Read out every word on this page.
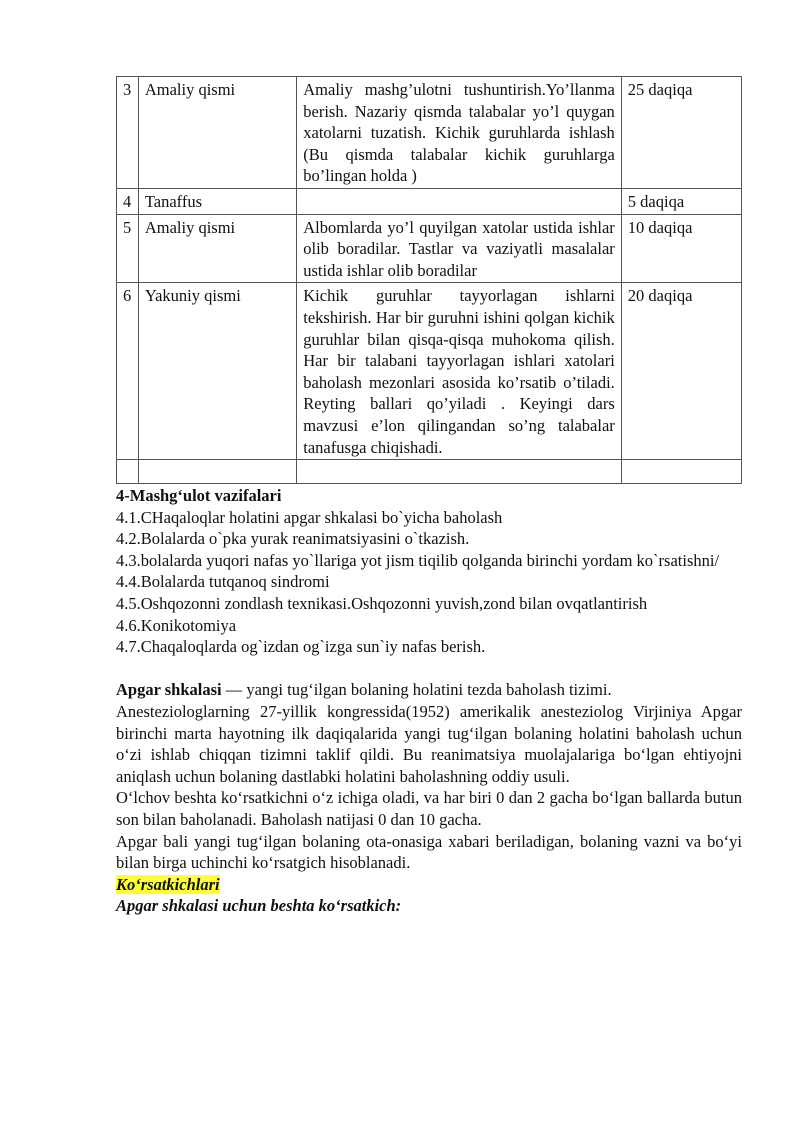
3	Amaliy qismi	Amaliy mashg’ulotni tushuntirish.Yo’llanma berish. Nazariy qismda talabalar yo’l quygan xatolarni tuzatish. Kichik guruhlarda ishlash (Bu qismda talabalar kichik guruhlarga bo’lingan holda )	25 daqiqa
4	Tanaffus		5 daqiqa
5	Amaliy qismi	Albomlarda yo’l quyilgan xatolar ustida ishlar olib boradilar. Tastlar va vaziyatli masalalar ustida ishlar olib boradilar	10 daqiqa
6	Yakuniy qismi	Kichik guruhlar tayyorlagan ishlarni tekshirish. Har bir guruhni ishini qolgan kichik guruhlar bilan qisqa-qisqa muhokoma qilish. Har bir talabani tayyorlagan ishlari xatolari baholash mezonlari asosida ko’rsatib o’tiladi. Reyting ballari qo’yiladi . Keyingi dars mavzusi e’lon qilingandan so’ng talabalar tanafusga chiqishadi.	20 daqiqa

4-Mashg‘ulot vazifalari
4.1.CHaqaloqlar holatini apgar shkalasi bo`yicha baholash
4.2.Bolalarda o`pka yurak reanimatsiyasini o`tkazish.
4.3.bolalarda yuqori nafas yo`llariga yot jism tiqilib qolganda birinchi yordam ko`rsatishni/
4.4.Bolalarda tutqanoq sindromi
4.5.Oshqozonni zondlash texnikasi.Oshqozonni yuvish,zond bilan ovqatlantirish
4.6.Konikotomiya
4.7.Chaqaloqlarda og`izdan og`izga sun`iy nafas berish.
Apgar shkalasi — yangi tug‘ilgan bolaning holatini tezda baholash tizimi.
Anesteziologlarning 27-yillik kongressida(1952) amerikalik anesteziolog Virjiniya Apgar birinchi marta hayotning ilk daqiqalarida yangi tug‘ilgan bolaning holatini baholash uchun o‘zi ishlab chiqqan tizimni taklif qildi. Bu reanimatsiya muolajalariga bo‘lgan ehtiyojni aniqlash uchun bolaning dastlabki holatini baholashning oddiy usuli.
O‘lchov beshta ko‘rsatkichni o‘z ichiga oladi, va har biri 0 dan 2 gacha bo‘lgan ballarda butun son bilan baholanadi. Baholash natijasi 0 dan 10 gacha.
Apgar bali yangi tug‘ilgan bolaning ota-onasiga xabari beriladigan, bolaning vazni va bo‘yi bilan birga uchinchi ko‘rsatgich hisoblanadi.
Ko‘rsatkichlari
Apgar shkalasi uchun beshta ko‘rsatkich:
